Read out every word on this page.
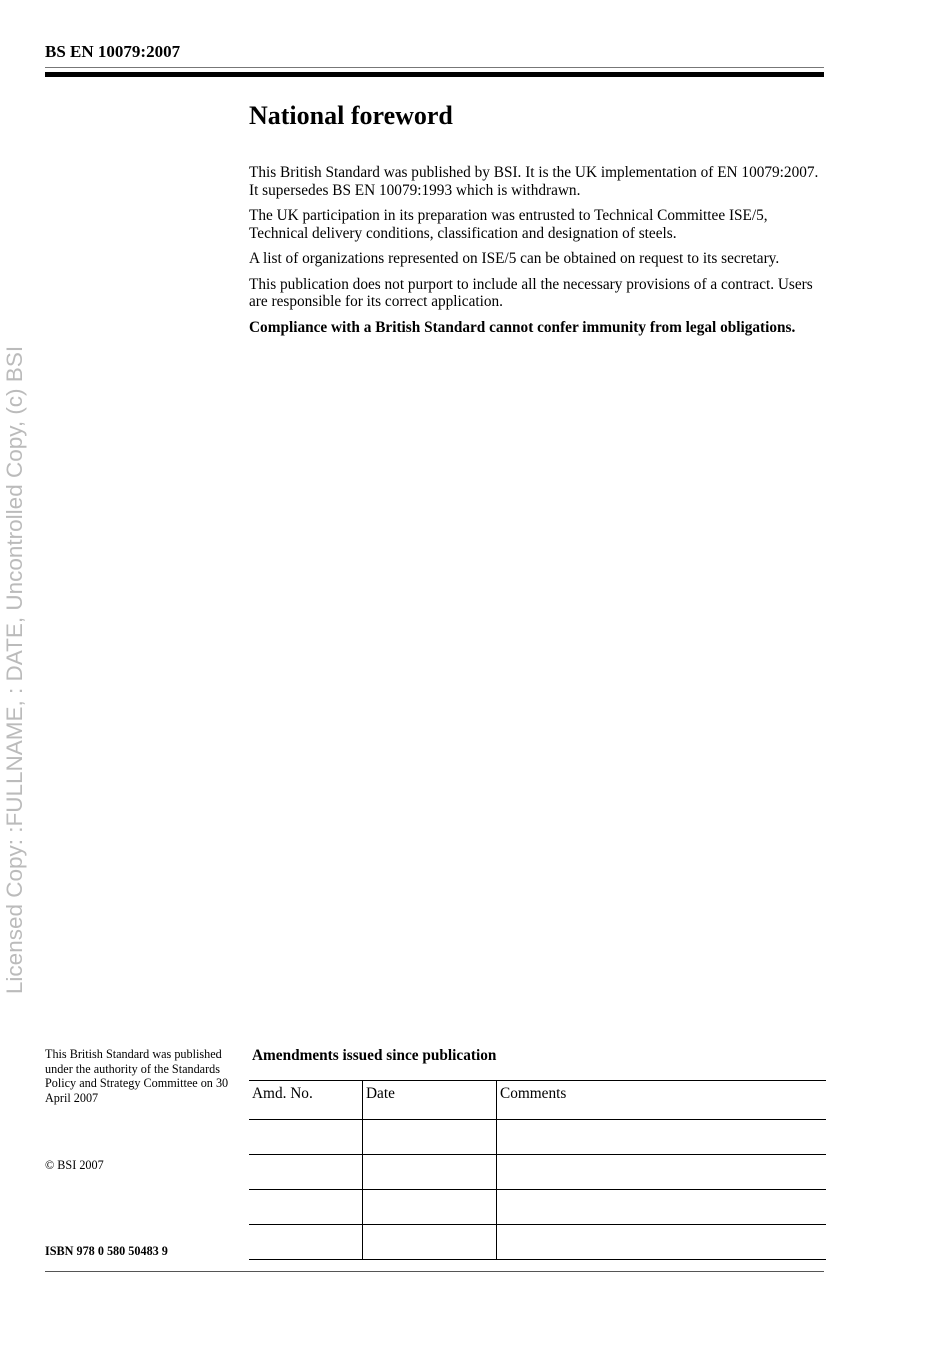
BS EN 10079:2007
National foreword

This British Standard was published by BSI. It is the UK implementation of EN 10079:2007. It supersedes BS EN 10079:1993 which is withdrawn.

The UK participation in its preparation was entrusted to Technical Committee ISE/5, Technical delivery conditions, classification and designation of steels.

A list of organizations represented on ISE/5 can be obtained on request to its secretary.

This publication does not purport to include all the necessary provisions of a contract. Users are responsible for its correct application.

Compliance with a British Standard cannot confer immunity from legal obligations.

Licensed Copy: :FULLNAME, : DATE, Uncontrolled Copy, (c) BSI
This British Standard was published under the authority of the Standards Policy and Strategy Committee on 30 April 2007
© BSI 2007
ISBN 978 0 580 50483 9
Amendments issued since publication
Amd. No.	Date	Comments
